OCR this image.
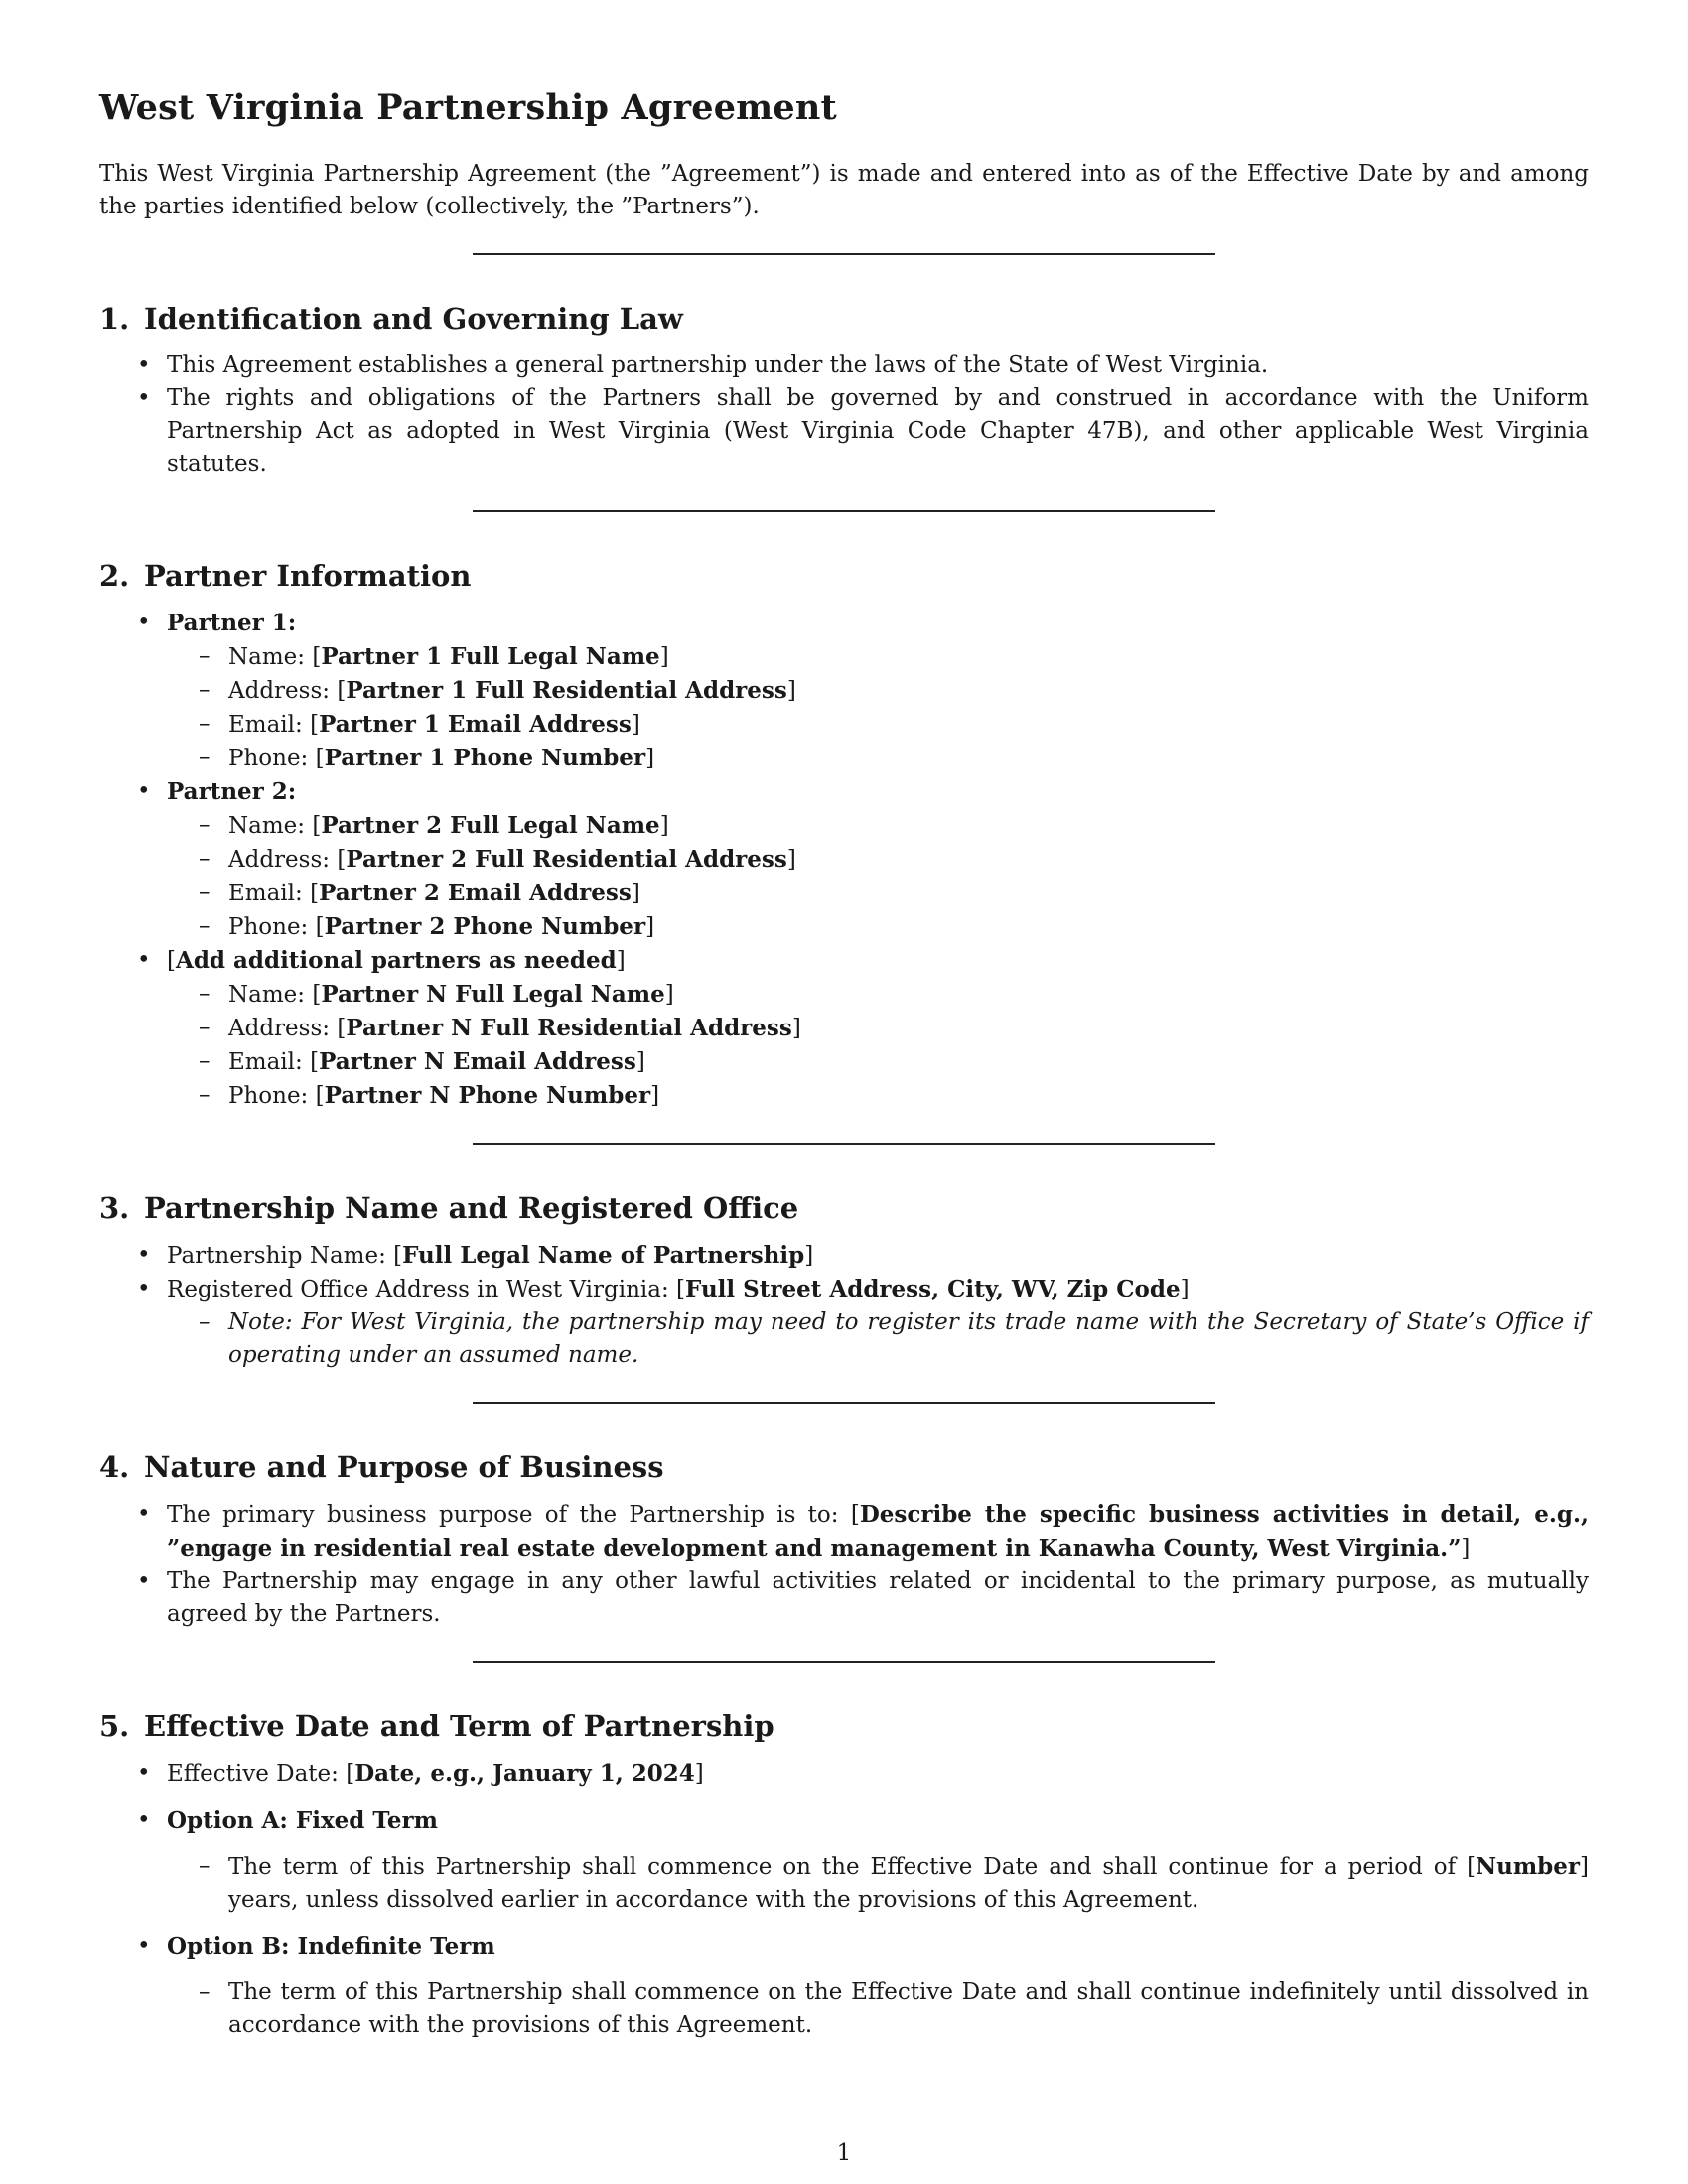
West Virginia Partnership Agreement

This West Virginia Partnership Agreement (the ”Agreement”) is made and entered into as of the Effective Date by and among the parties identified below (collectively, the ”Partners”).

1. Identification and Governing Law
• This Agreement establishes a general partnership under the laws of the State of West Virginia.
• The rights and obligations of the Partners shall be governed by and construed in accordance with the Uniform Partnership Act as adopted in West Virginia (West Virginia Code Chapter 47B), and other applicable West Virginia statutes.
2. Partner Information
• Partner 1:
– Name: [Partner 1 Full Legal Name]
– Address: [Partner 1 Full Residential Address]
– Email: [Partner 1 Email Address]
– Phone: [Partner 1 Phone Number]
• Partner 2:
– Name: [Partner 2 Full Legal Name]
– Address: [Partner 2 Full Residential Address]
– Email: [Partner 2 Email Address]
– Phone: [Partner 2 Phone Number]
• [Add additional partners as needed]
– Name: [Partner N Full Legal Name]
– Address: [Partner N Full Residential Address]
– Email: [Partner N Email Address]
– Phone: [Partner N Phone Number]
3. Partnership Name and Registered Office
• Partnership Name: [Full Legal Name of Partnership]
• Registered Office Address in West Virginia: [Full Street Address, City, WV, Zip Code]
– Note: For West Virginia, the partnership may need to register its trade name with the Secretary of State’s Office if operating under an assumed name.
4. Nature and Purpose of Business
• The primary business purpose of the Partnership is to: [Describe the specific business activities in detail, e.g., ”engage in residential real estate development and management in Kanawha County, West Virginia.”]
• The Partnership may engage in any other lawful activities related or incidental to the primary purpose, as mutually agreed by the Partners.
5. Effective Date and Term of Partnership
• Effective Date: [Date, e.g., January 1, 2024]
• Option A: Fixed Term
– The term of this Partnership shall commence on the Effective Date and shall continue for a period of [Number] years, unless dissolved earlier in accordance with the provisions of this Agreement.
• Option B: Indefinite Term
– The term of this Partnership shall commence on the Effective Date and shall continue indefinitely until dissolved in accordance with the provisions of this Agreement.
1
